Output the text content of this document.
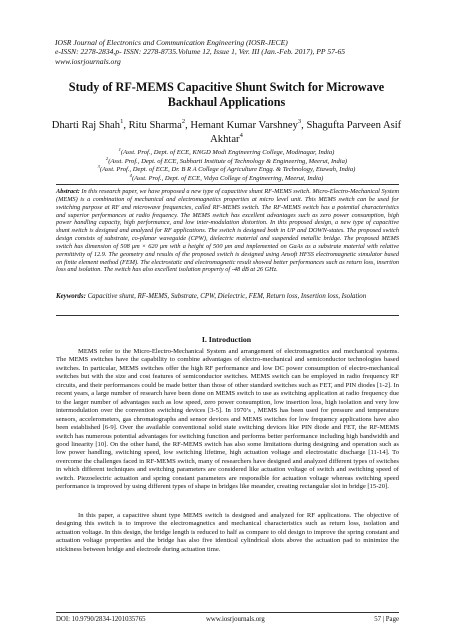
IOSR Journal of Electronics and Communication Engineering (IOSR-JECE)
e-ISSN: 2278-2834,p- ISSN: 2278-8735.Volume 12, Issue 1, Ver. III (Jan.-Feb. 2017), PP 57-65
www.iosrjournals.org
Study of RF-MEMS Capacitive Shunt Switch for Microwave
Backhaul Applications
Dharti Raj Shah$^1$, Ritu Sharma$^2$, Hemant Kumar Varshney$^3$, Shagufta Parveen Asif Akhtar$^4$
$^1$(Asst. Prof., Dept. of ECE, KNGD Modi Engineering College, Modinagar, India)
$^2$(Asst. Prof., Dept. of ECE, Subharti Institute of Technology & Engineering, Meerut, India)
$^3$(Asst. Prof., Dept. of ECE, Dr. B R A College of Agriculture Engg. & Technology, Etawah, India)
$^4$(Asst. Prof., Dept. of ECE, Vidya College of Engineering, Meerut, India)
Abstract: In this research paper, we have proposed a new type of capacitive shunt RF-MEMS switch. Micro-Electro-Mechanical System (MEMS) is a combination of mechanical and electromagnetics properties at micro level unit. This MEMS switch can be used for switching purpose at RF and microwave frequencies, called RF-MEMS switch. The RF-MEMS switch has a potential characteristics and superior performances at radio frequency. The MEMS switch has excellent advantages such as zero power consumption, high power handling capacity, high performance, and low inter-modulation distortion. In this proposed design, a new type of capacitive shunt switch is designed and analyzed for RF applications. The switch is designed both in UP and DOWN-states. The proposed switch design consists of substrate, co-planar waveguide (CPW), dielectric material and suspended metallic bridge. The proposed MEMS switch has dimension of 508 μm × 620 μm with a height of 500 μm and implemented on GaAs as a substrate material with relative permittivity of 12.9. The geometry and results of the proposed switch is designed using Ansoft HFSS electromagnetic simulator based on finite element method (FEM). The electrostatic and electromagnetic result showed better performances such as return loss, insertion loss and isolation. The switch has also excellent isolation property of -48 dB at 26 GHz.
Keywords: Capacitive shunt, RF-MEMS, Substrate, CPW, Dielectric, FEM, Return loss, Insertion loss, Isolation
I. Introduction
MEMS refer to the Micro-Electro-Mechanical System and arrangement of electromagnetics and mechanical systems. The MEMS switches have the capability to combine advantages of electro-mechanical and semiconductor technologies based switches. In particular, MEMS switches offer the high RF performance and low DC power consumption of electro-mechanical switches but with the size and cost features of semiconductor switches. MEMS switch can be employed in radio frequency RF circuits, and their performances could be made better than those of other standard switches such as FET, and PIN diodes [1-2]. In recent years, a large number of research have been done on MEMS switch to use as switching application at radio frequency due to the larger number of advantages such as low speed, zero power consumption, low insertion loss, high isolation and very low intermodulation over the convention switching devices [3-5]. In 1970’s , MEMS has been used for pressure and temperature sensors, accelerometers, gas chromatographs and sensor devices and MEMS switches for low frequency applications have also been established [6-9]. Over the available conventional solid state switching devices like PIN diode and FET, the RF-MEMS switch has numerous potential advantages for switching function and performs better performance including high bandwidth and good linearity [10]. On the other hand, the RF-MEMS switch has also some limitations during designing and operation such as low power handling, switching speed, low switching lifetime, high actuation voltage and electrostatic discharge [11-14]. To overcome the challenges faced in RF-MEMS switch, many of researchers have designed and analyzed different types of switches in which different techniques and switching parameters are considered like actuation voltage of switch and switching speed of switch. Piezoelectric actuation and spring constant parameters are responsible for actuation voltage whereas switching speed performance is improved by using different types of shape in bridges like meander, creating rectangular slot in bridge [15-20].
In this paper, a capacitive shunt type MEMS switch is designed and analyzed for RF applications. The objective of designing this switch is to improve the electromagnetics and mechanical characteristics such as return loss, isolation and actuation voltage. In this design, the bridge length is reduced to half as compare to old design to improve the spring constant and actuation voltage properties and the bridge has also five identical cylindrical slots above the actuation pad to minimize the stickiness between bridge and electrode during actuation time.
DOI: 10.9790/2834-1201035765	www.iosrjournals.org	57 | Page
